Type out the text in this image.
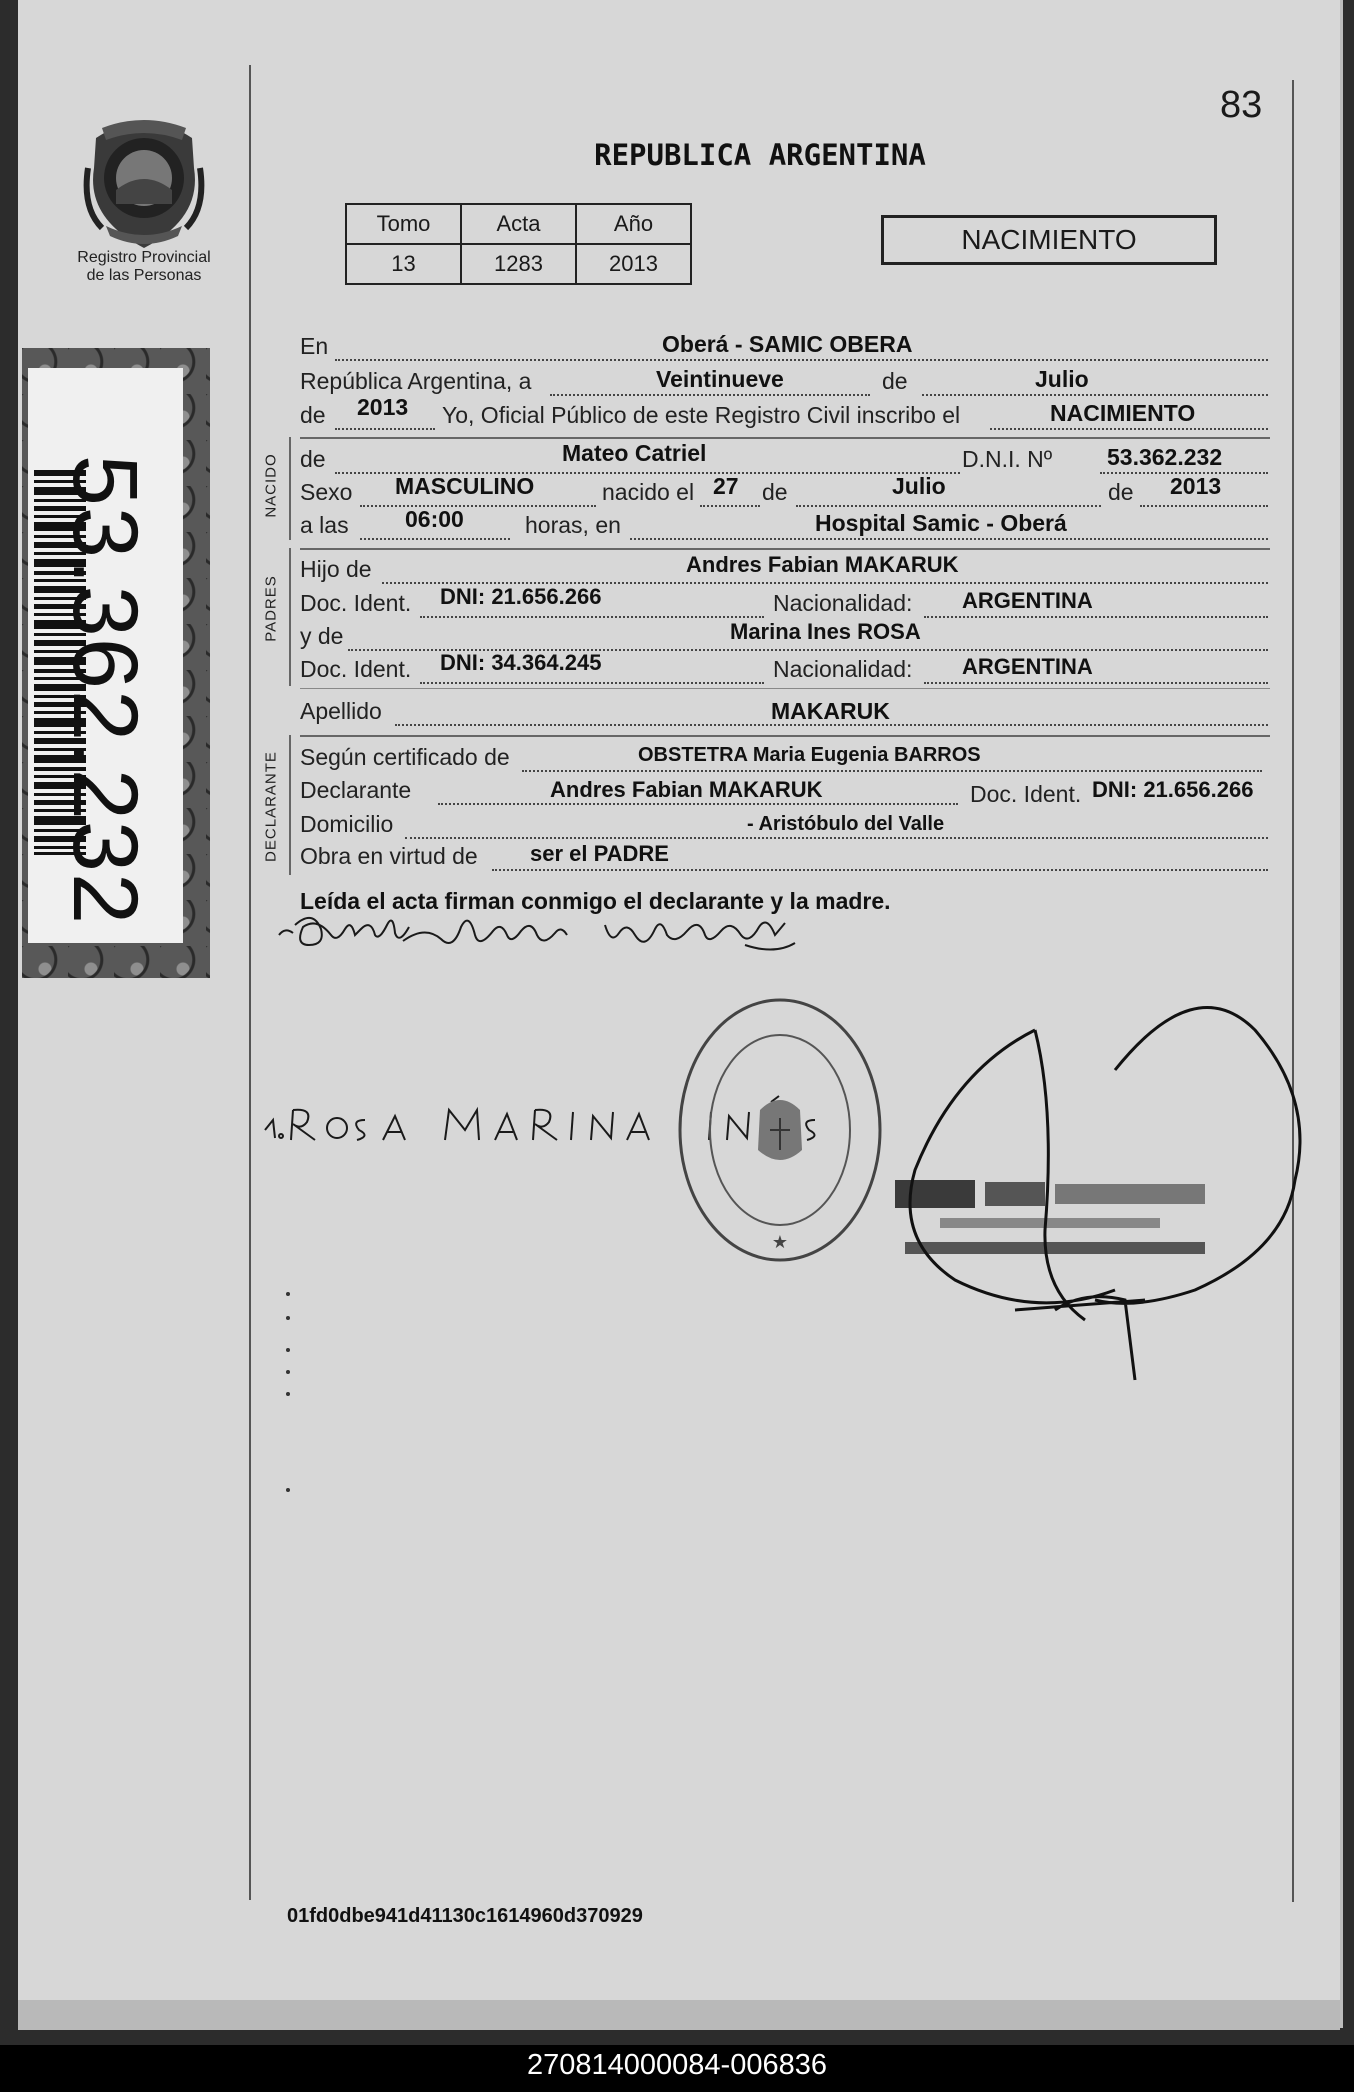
Registro Provincial
de las Personas
53.362.232
83
REPUBLICA ARGENTINA
Tomo	Acta	Año
13	1283	2013
NACIMIENTO
En	Oberá - SAMIC OBERA
República Argentina, a	Veintinueve	de	Julio
de 2013 Yo, Oficial Público de este Registro Civil inscribo el	NACIMIENTO
NACIDO de	Mateo Catriel	D.N.I. Nº 53.362.232
Sexo MASCULINO	nacido el 27 de	Julio	de 2013
a las 06:00	horas, en	Hospital Samic - Oberá
PADRES
Hijo de	Andres Fabian MAKARUK
Doc. Ident. DNI: 21.656.266	Nacionalidad: ARGENTINA
y de	Marina Ines ROSA
Doc. Ident. DNI: 34.364.245	Nacionalidad: ARGENTINA
Apellido	MAKARUK
DECLARANTE Según certificado de	OBSTETRA Maria Eugenia BARROS
Declarante	Andres Fabian MAKARUK	Doc. Ident. DNI: 21.656.266
Domicilio	- Aristóbulo del Valle
Obra en virtud de ser el PADRE
Leída el acta firman conmigo el declarante y la madre.
★
01fd0dbe941d41130c1614960d370929
270814000084-006836
